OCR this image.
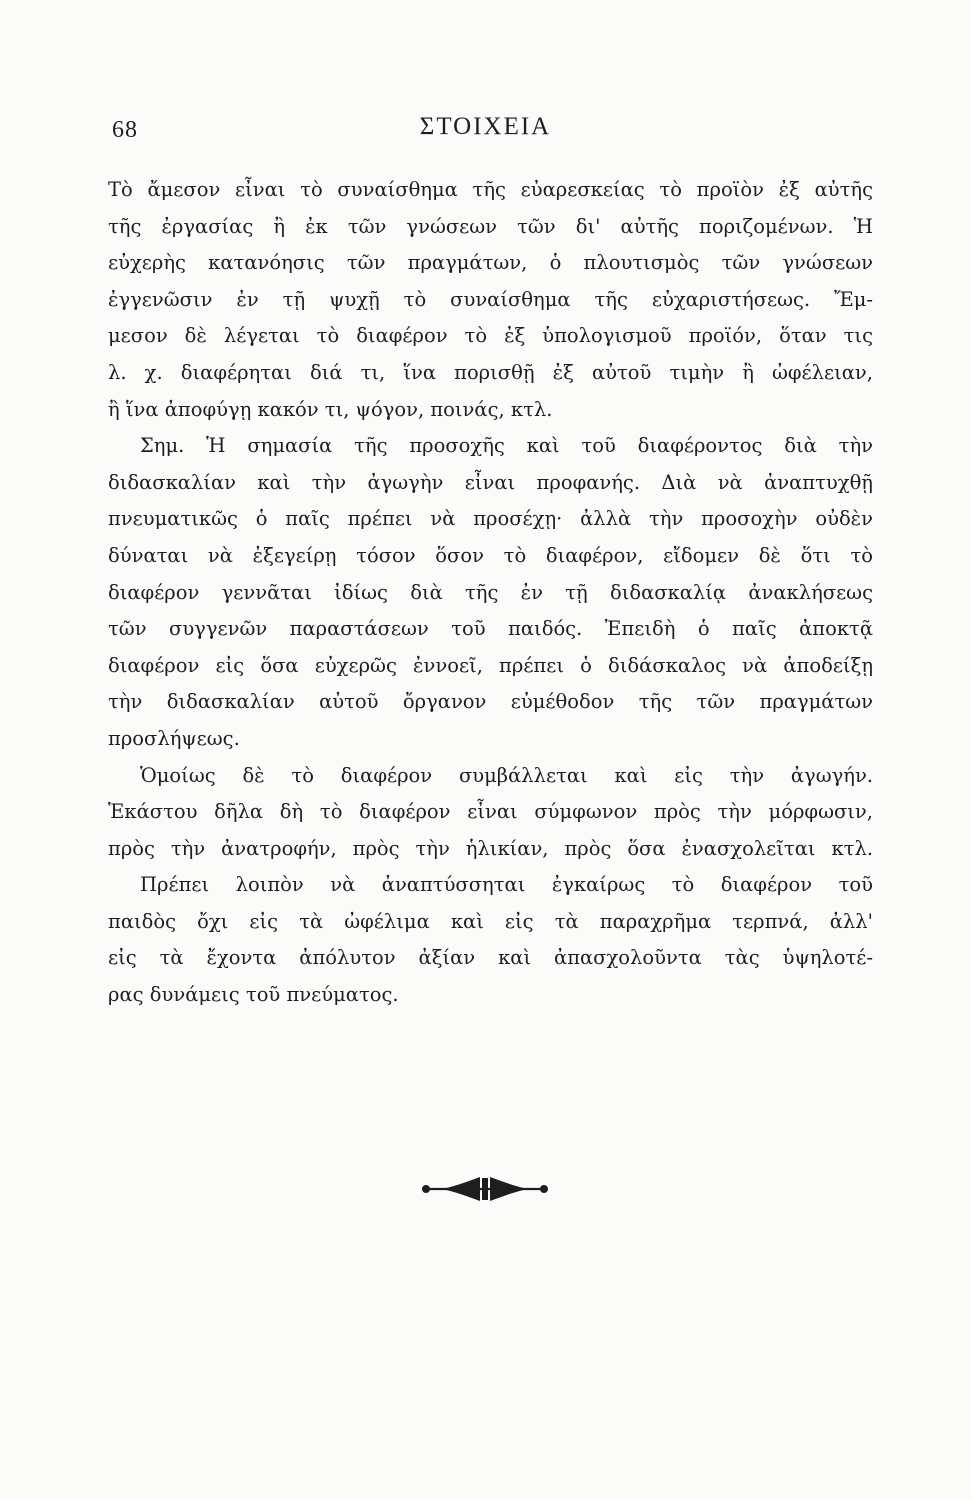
68	ΣΤΟΙΧΕΙΑ
Τὸ ἄμεσον εἶναι τὸ συναίσθημα τῆς εὐαρεσκείας τὸ προϊὸν ἐξ αὐτῆς
τῆς ἐργασίας ἢ ἐκ τῶν γνώσεων τῶν δι' αὐτῆς ποριζομένων. Ἡ
εὐχερὴς κατανόησις τῶν πραγμάτων, ὁ πλουτισμὸς τῶν γνώσεων
ἐγγενῶσιν ἐν τῇ ψυχῇ τὸ συναίσθημα τῆς εὐχαριστήσεως. Ἔμ-
μεσον δὲ λέγεται τὸ διαφέρον τὸ ἐξ ὑπολογισμοῦ προϊόν, ὅταν τις
λ. χ. διαφέρηται διά τι, ἵνα πορισθῇ ἐξ αὐτοῦ τιμὴν ἢ ὠφέλειαν,
ἢ ἵνα ἀποφύγῃ κακόν τι, ψόγον, ποινάς, κτλ.
Σημ. Ἡ σημασία τῆς προσοχῆς καὶ τοῦ διαφέροντος διὰ τὴν
διδασκαλίαν καὶ τὴν ἀγωγὴν εἶναι προφανής. Διὰ νὰ ἀναπτυχθῇ
πνευματικῶς ὁ παῖς πρέπει νὰ προσέχῃ· ἀλλὰ τὴν προσοχὴν οὐδὲν
δύναται νὰ ἐξεγείρῃ τόσον ὅσον τὸ διαφέρον, εἴδομεν δὲ ὅτι τὸ
διαφέρον γεννᾶται ἰδίως διὰ τῆς ἐν τῇ διδασκαλίᾳ ἀνακλήσεως
τῶν συγγενῶν παραστάσεων τοῦ παιδός. Ἐπειδὴ ὁ παῖς ἀποκτᾷ
διαφέρον εἰς ὅσα εὐχερῶς ἐννοεῖ, πρέπει ὁ διδάσκαλος νὰ ἀποδείξῃ
τὴν διδασκαλίαν αὐτοῦ ὄργανον εὐμέθοδον τῆς τῶν πραγμάτων
προσλήψεως.
Ὁμοίως δὲ τὸ διαφέρον συμβάλλεται καὶ εἰς τὴν ἀγωγήν.
Ἑκάστου δῆλα δὴ τὸ διαφέρον εἶναι σύμφωνον πρὸς τὴν μόρφωσιν,
πρὸς τὴν ἀνατροφήν, πρὸς τὴν ἡλικίαν, πρὸς ὅσα ἐνασχολεῖται κτλ.
Πρέπει λοιπὸν νὰ ἀναπτύσσηται ἐγκαίρως τὸ διαφέρον τοῦ
παιδὸς ὄχι εἰς τὰ ὠφέλιμα καὶ εἰς τὰ παραχρῆμα τερπνά, ἀλλ'
εἰς τὰ ἔχοντα ἀπόλυτον ἀξίαν καὶ ἀπασχολοῦντα τὰς ὑψηλοτέ-
ρας δυνάμεις τοῦ πνεύματος.
